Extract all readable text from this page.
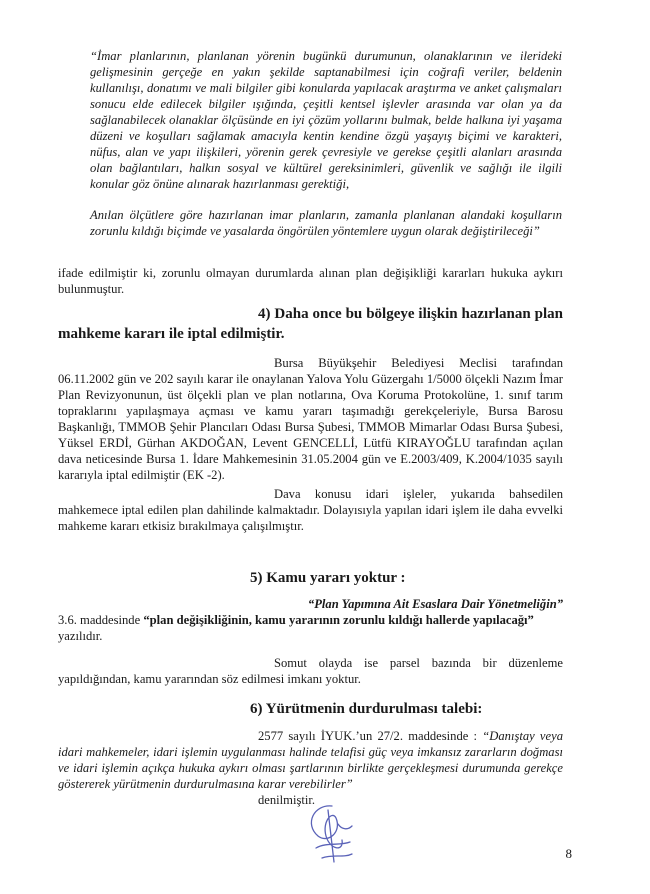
“İmar planlarının, planlanan yörenin bugünkü durumunun, olanaklarının ve ilerideki gelişmesinin gerçeğe en yakın şekilde saptanabilmesi için coğrafi veriler, beldenin kullanılışı, donatımı ve mali bilgiler gibi konularda yapılacak araştırma ve anket çalışmaları sonucu elde edilecek bilgiler ışığında, çeşitli kentsel işlevler arasında var olan ya da sağlanabilecek olanaklar ölçüsünde en iyi çözüm yollarını bulmak, belde halkına iyi yaşama düzeni ve koşulları sağlamak amacıyla kentin kendine özgü yaşayış biçimi ve karakteri, nüfus, alan ve yapı ilişkileri, yörenin gerek çevresiyle ve gerekse çeşitli alanları arasında olan bağlantıları, halkın sosyal ve kültürel gereksinimleri, güvenlik ve sağlığı ile ilgili konular göz önüne alınarak hazırlanması gerektiği,

Anılan ölçütlere göre hazırlanan imar planların, zamanla planlanan alandaki koşulların zorunlu kıldığı biçimde ve yasalarda öngörülen yöntemlere uygun olarak değiştirileceği”

ifade edilmiştir ki, zorunlu olmayan durumlarda alınan plan değişikliği kararları hukuka aykırı bulunmuştur.

4) Daha once bu bölgeye ilişkin hazırlanan plan mahkeme kararı ile iptal edilmiştir.

Bursa Büyükşehir Belediyesi Meclisi tarafından 06.11.2002 gün ve 202 sayılı karar ile onaylanan Yalova Yolu Güzergahı 1/5000 ölçekli Nazım İmar Plan Revizyonunun, üst ölçekli plan ve plan notlarına, Ova Koruma Protokolüne, 1. sınıf tarım topraklarını yapılaşmaya açması ve kamu yararı taşımadığı gerekçeleriyle, Bursa Barosu Başkanlığı, TMMOB Şehir Plancıları Odası Bursa Şubesi, TMMOB Mimarlar Odası Bursa Şubesi, Yüksel ERDİ, Gürhan AKDOĞAN, Levent GENCELLİ, Lütfü KIRAYOĞLU tarafından açılan dava neticesinde Bursa 1. İdare Mahkemesinin 31.05.2004 gün ve E.2003/409, K.2004/1035 sayılı kararıyla iptal edilmiştir (EK -2).

Dava konusu idari işleler, yukarıda bahsedilen mahkemece iptal edilen plan dahilinde kalmaktadır. Dolayısıyla yapılan idari işlem ile daha evvelki mahkeme kararı etkisiz bırakılmaya çalışılmıştır.

5) Kamu yararı yoktur :

“Plan Yapımına Ait Esaslara Dair Yönetmeliğin”
3.6. maddesinde “plan değişikliğinin, kamu yararının zorunlu kıldığı hallerde yapılacağı”
yazılıdır.

Somut olayda ise parsel bazında bir düzenleme yapıldığından, kamu yararından söz edilmesi imkanı yoktur.

6) Yürütmenin durdurulması talebi:

2577 sayılı İYUK.’un 27/2. maddesinde : “Danıştay veya idari mahkemeler, idari işlemin uygulanması halinde telafisi güç veya imkansız zararların doğması ve idari işlemin açıkça hukuka aykırı olması şartlarının birlikte gerçekleşmesi durumunda gerekçe göstererek yürütmenin durdurulmasına karar verebilirler”
denilmiştir.

8
